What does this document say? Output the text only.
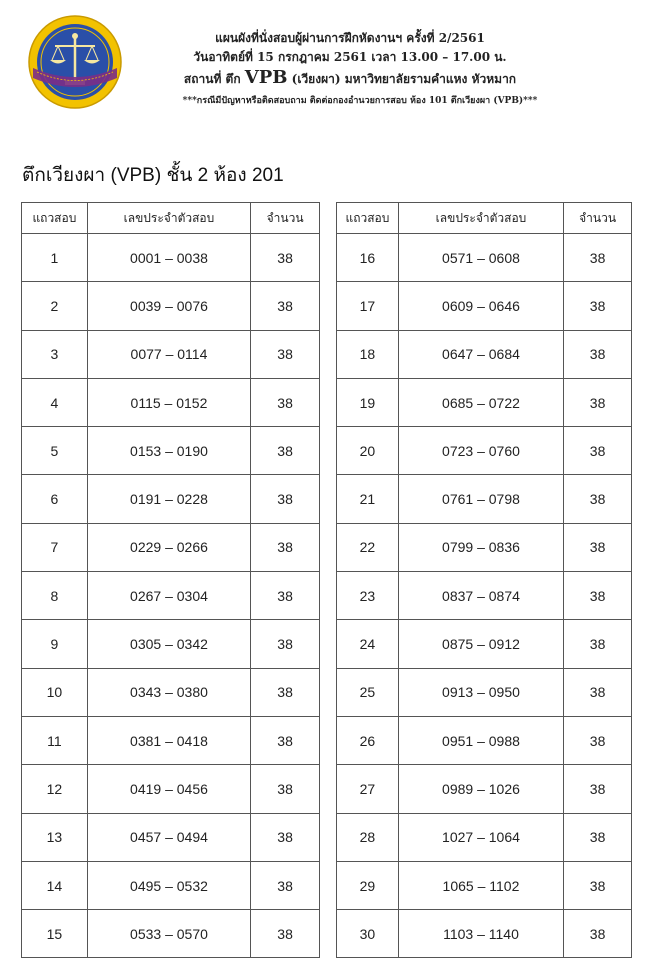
แผนผังที่นั่งสอบผู้ผ่านการฝึกหัดงานฯ ครั้งที่ 2/2561
วันอาทิตย์ที่ 15 กรกฎาคม 2561 เวลา 13.00 – 17.00 น.
สถานที่ ตึก VPB (เวียงผา) มหาวิทยาลัยรามคำแหง หัวหมาก
***กรณีมีปัญหาหรือติดสอบถาม ติดต่อกองอำนวยการสอบ ห้อง 101 ตึกเวียงผา (VPB)***
ตึกเวียงผา (VPB) ชั้น 2 ห้อง 201
แถวสอบ	เลขประจำตัวสอบ	จำนวน
1	0001 – 0038	38
2	0039 – 0076	38
3	0077 – 0114	38
4	0115 – 0152	38
5	0153 – 0190	38
6	0191 – 0228	38
7	0229 – 0266	38
8	0267 – 0304	38
9	0305 – 0342	38
10	0343 – 0380	38
11	0381 – 0418	38
12	0419 – 0456	38
13	0457 – 0494	38
14	0495 – 0532	38
15	0533 – 0570	38
แถวสอบ	เลขประจำตัวสอบ	จำนวน
16	0571 – 0608	38
17	0609 – 0646	38
18	0647 – 0684	38
19	0685 – 0722	38
20	0723 – 0760	38
21	0761 – 0798	38
22	0799 – 0836	38
23	0837 – 0874	38
24	0875 – 0912	38
25	0913 – 0950	38
26	0951 – 0988	38
27	0989 – 1026	38
28	1027 – 1064	38
29	1065 – 1102	38
30	1103 – 1140	38
